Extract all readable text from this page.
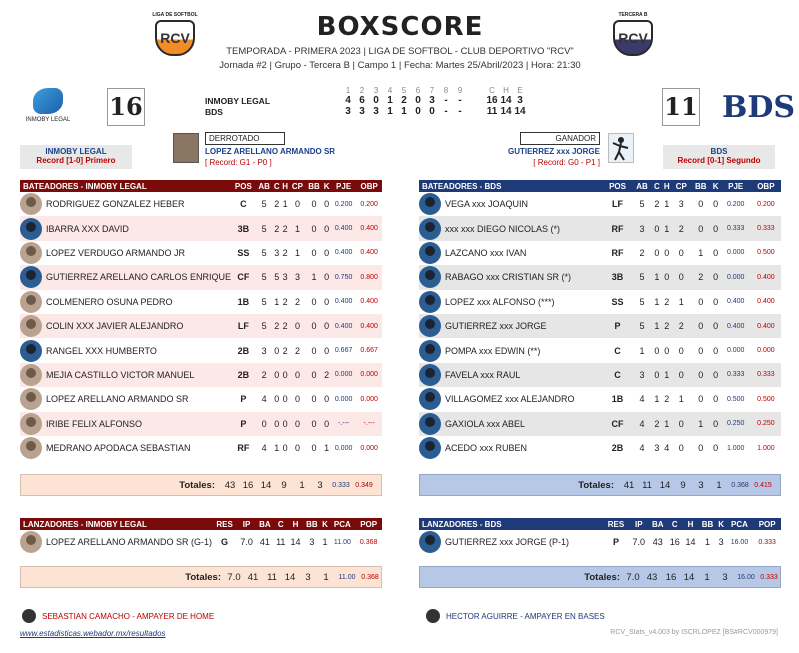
LIGA DE SOFTBOL
RCV	BOXSCORE	TERCERA B
RCV
TEMPORADA - PRIMERA 2023 | LIGA DE SOFTBOL - CLUB DEPORTIVO "RCV"
Jornada #2 | Grupo - Tercera B | Campo 1 | Fecha: Martes 25/Abril/2023 | Hora: 21:30
INMOBY LEGAL 16
INMOBY LEGAL
Record [1-0] Primero
11 BDS
BDS
Record [0-1] Segundo
	1	2	3	4	5	6	7	8	9		C	H	E
INMOBY LEGAL	4	6	0	1	2	0	3	-	-		16	14	3
BDS	3	3	3	1	1	0	0	-	-		11	14	14
DERROTADO
LOPEZ ARELLANO ARMANDO SR
[ Record: G1 - P0 ]
GANADOR
GUTIERREZ xxx JORGE
[ Record: G0 - P1 ]
BATEADORES - INMOBY LEGAL	POS	AB	C	H	CP	BB	K	PJE	OBP

RODRIGUEZ GONZALEZ HEBER	C	5	2	1	0	0	0	0.200	0.200

IBARRA XXX DAVID	3B	5	2	2	1	0	0	0.400	0.400

LOPEZ VERDUGO ARMANDO JR	SS	5	3	2	1	0	0	0.400	0.400

GUTIERREZ ARELLANO CARLOS ENRIQUE	CF	5	5	3	3	1	0	0.750	0.800

COLMENERO OSUNA PEDRO	1B	5	1	2	2	0	0	0.400	0.400

COLIN XXX JAVIER ALEJANDRO	LF	5	2	2	0	0	0	0.400	0.400

RANGEL XXX HUMBERTO	2B	3	0	2	2	0	0	0.667	0.667

MEJIA CASTILLO VICTOR MANUEL	2B	2	0	0	0	0	2	0.000	0.000

LOPEZ ARELLANO ARMANDO SR	P	4	0	0	0	0	0	0.000	0.000

IRIBE FELIX ALFONSO	P	0	0	0	0	0	0	-.---	-.---

MEDRANO APODACA SEBASTIAN	RF	4	1	0	0	0	1	0.000	0.000
Totales:	43 16 14	9	1	3	0.333 0.349
BATEADORES - BDS	POS	AB	C	H	CP	BB	K	PJE	OBP

VEGA xxx JOAQUIN	LF	5	2	1	3	0	0	0.200	0.200

xxx xxx DIEGO NICOLAS (*)	RF	3	0	1	2	0	0	0.333	0.333

LAZCANO xxx IVAN	RF	2	0	0	0	1	0	0.000	0.500

RABAGO xxx CRISTIAN SR (*)	3B	5	1	0	0	2	0	0.000	0.400

LOPEZ xxx ALFONSO (***)	SS	5	1	2	1	0	0	0.400	0.400

GUTIERREZ xxx JORGE	P	5	1	2	2	0	0	0.400	0.400

POMPA xxx EDWIN (**)	C	1	0	0	0	0	0	0.000	0.000

FAVELA xxx RAUL	C	3	0	1	0	0	0	0.333	0.333

VILLAGOMEZ xxx ALEJANDRO	1B	4	1	2	1	0	0	0.500	0.500

GAXIOLA xxx ABEL	CF	4	2	1	0	1	0	0.250	0.250

ACEDO xxx RUBEN	2B	4	3	4	0	0	0	1.000	1.000
Totales:	41 11 14	9	3	1	0.368 0.415
LANZADORES - INMOBY LEGAL	RES	IP	BA	C	H	BB	K	PCA	POP

LOPEZ ARELLANO ARMANDO SR (G-1)	G	7.0	41	11	14	3	1	11.00	0.368
Totales: 7.0 41 11 14	3	1	11.00 0.368
LANZADORES - BDS	RES	IP	BA	C	H	BB	K	PCA	POP

GUTIERREZ xxx JORGE (P-1)	P	7.0	43	16	14	1	3	16.00	0.333
Totales: 7.0 43 16 14	1	3	16.00 0.333
SEBASTIAN CAMACHO - AMPAYER DE HOME	HECTOR AGUIRRE - AMPAYER EN BASES
www.estadisticas.webador.mx/resultados	RCV_Stats_v4.003 by ISCRLOPEZ [BS#RCV000979]
